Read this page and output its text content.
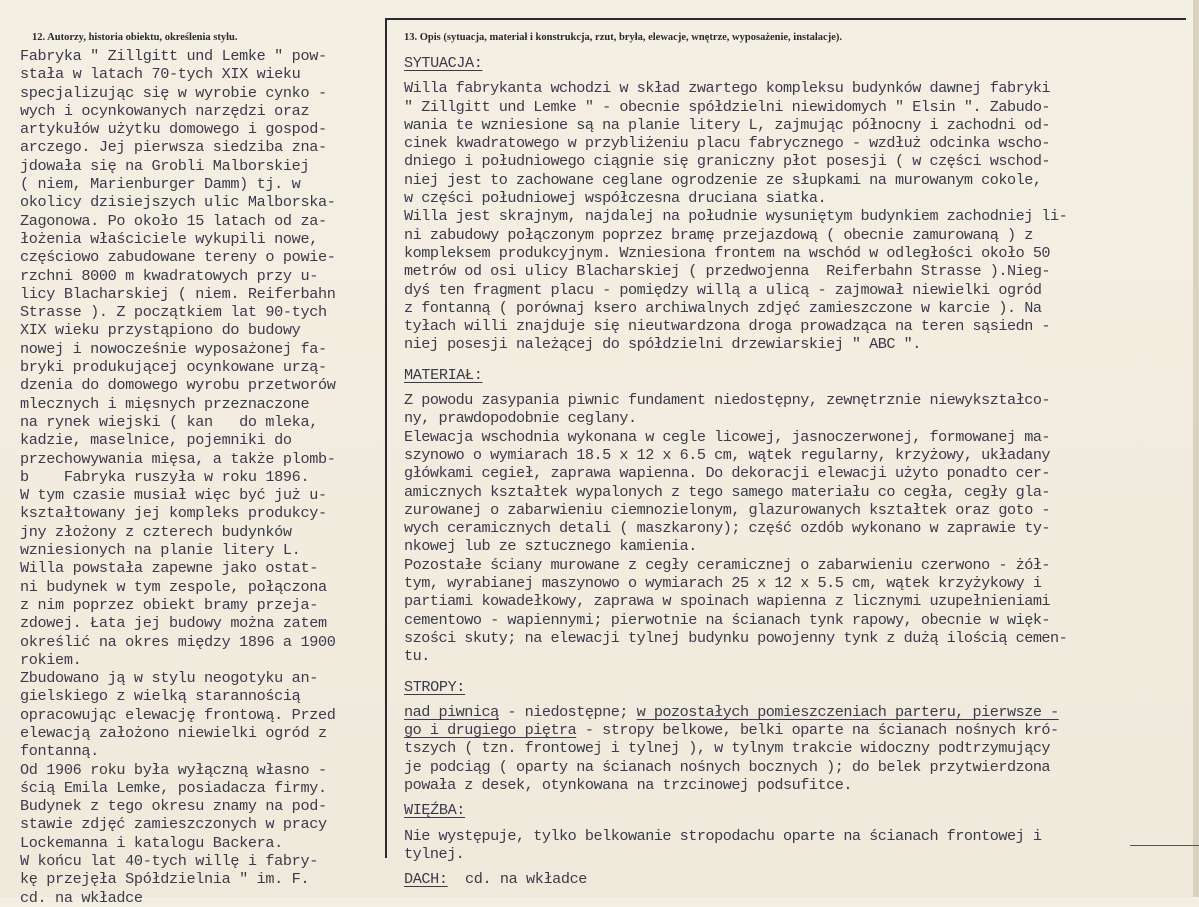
12. Autorzy, historia obiektu, określenia stylu.	13. Opis (sytuacja, materiał i konstrukcja, rzut, bryła, elewacje, wnętrze, wyposażenie, instalacje).
Fabryka " Zillgitt und Lemke " pow-
stała w latach 70-tych XIX wieku
specjalizując się w wyrobie cynko -
wych i ocynkowanych narzędzi oraz
artykułów użytku domowego i gospod-
arczego. Jej pierwsza siedziba zna-
jdowała się na Grobli Malborskiej
( niem, Marienburger Damm) tj. w
okolicy dzisiejszych ulic Malborska-
Zagonowa. Po około 15 latach od za-
łożenia właściciele wykupili nowe,
częściowo zabudowane tereny o powie-
rzchni 8000 m kwadratowych przy u-
licy Blacharskiej ( niem. Reiferbahn
Strasse ). Z początkiem lat 90-tych
XIX wieku przystąpiono do budowy
nowej i nowocześnie wyposażonej fa-
bryki produkującej ocynkowane urzą-
dzenia do domowego wyrobu przetworów
mlecznych i mięsnych przeznaczone
na rynek wiejski ( kan   do mleka,
kadzie, maselnice, pojemniki do
przechowywania mięsa, a także plomb-
b    Fabryka ruszyła w roku 1896.
W tym czasie musiał więc być już u-
kształtowany jej kompleks produkcy-
jny złożony z czterech budynków
wzniesionych na planie litery L.
Willa powstała zapewne jako ostat-
ni budynek w tym zespole, połączona
z nim poprzez obiekt bramy przeja-
zdowej. Łata jej budowy można zatem
określić na okres między 1896 a 1900
rokiem.
Zbudowano ją w stylu neogotyku an-
gielskiego z wielką starannością
opracowując elewację frontową. Przed
elewacją założono niewielki ogród z
fontanną.
Od 1906 roku była wyłączną własno -
ścią Emila Lemke, posiadacza firmy.
Budynek z tego okresu znamy na pod-
stawie zdjęć zamieszczonych w pracy
Lockemanna i katalogu Backera.
W końcu lat 40-tych willę i fabry-
kę przejęła Spółdzielnia " im. F.
cd. na wkładce
SYTUACJA:
Willa fabrykanta wchodzi w skład zwartego kompleksu budynków dawnej fabryki
" Zillgitt und Lemke " - obecnie spółdzielni niewidomych " Elsin ". Zabudo-
wania te wzniesione są na planie litery L, zajmując północny i zachodni od-
cinek kwadratowego w przybliżeniu placu fabrycznego - wzdłuż odcinka wscho-
dniego i południowego ciągnie się graniczny płot posesji ( w części wschod-
niej jest to zachowane ceglane ogrodzenie ze słupkami na murowanym cokole,
w części południowej współczesna druciana siatka.
Willa jest skrajnym, najdalej na południe wysuniętym budynkiem zachodniej li-
ni zabudowy połączonym poprzez bramę przejazdową ( obecnie zamurowaną ) z
kompleksem produkcyjnym. Wzniesiona frontem na wschód w odległości około 50
metrów od osi ulicy Blacharskiej ( przedwojenna  Reiferbahn Strasse ).Nieg-
dyś ten fragment placu - pomiędzy willą a ulicą - zajmował niewielki ogród
z fontanną ( porównaj ksero archiwalnych zdjęć zamieszczone w karcie ). Na
tyłach willi znajduje się nieutwardzona droga prowadząca na teren sąsiedn -
niej posesji należącej do spółdzielni drzewiarskiej " ABC ".
MATERIAŁ:
Z powodu zasypania piwnic fundament niedostępny, zewnętrznie niewykształco-
ny, prawdopodobnie ceglany.
Elewacja wschodnia wykonana w cegle licowej, jasnoczerwonej, formowanej ma-
szynowo o wymiarach 18.5 x 12 x 6.5 cm, wątek regularny, krzyżowy, układany
główkami cegieł, zaprawa wapienna. Do dekoracji elewacji użyto ponadto cer-
amicznych kształtek wypalonych z tego samego materiału co cegła, cegły gla-
zurowanej o zabarwieniu ciemnozielonym, glazurowanych kształtek oraz goto -
wych ceramicznych detali ( maszkarony); część ozdób wykonano w zaprawie ty-
nkowej lub ze sztucznego kamienia.
Pozostałe ściany murowane z cegły ceramicznej o zabarwieniu czerwono - żół-
tym, wyrabianej maszynowo o wymiarach 25 x 12 x 5.5 cm, wątek krzyżykowy i
partiami kowadełkowy, zaprawa w spoinach wapienna z licznymi uzupełnieniami
cementowo - wapiennymi; pierwotnie na ścianach tynk rapowy, obecnie w więk-
szości skuty; na elewacji tylnej budynku powojenny tynk z dużą ilością cemen-
tu.
STROPY:
nad piwnicą - niedostępne; w pozostałych pomieszczeniach parteru, pierwsze -
go i drugiego piętra - stropy belkowe, belki oparte na ścianach nośnych kró-
tszych ( tzn. frontowej i tylnej ), w tylnym trakcie widoczny podtrzymujący
je podciąg ( oparty na ścianach nośnych bocznych ); do belek przytwierdzona
powała z desek, otynkowana na trzcinowej podsufitce.
WIĘŹBA:
Nie występuje, tylko belkowanie stropodachu oparte na ścianach frontowej i
tylnej.
DACH: cd. na wkładce
